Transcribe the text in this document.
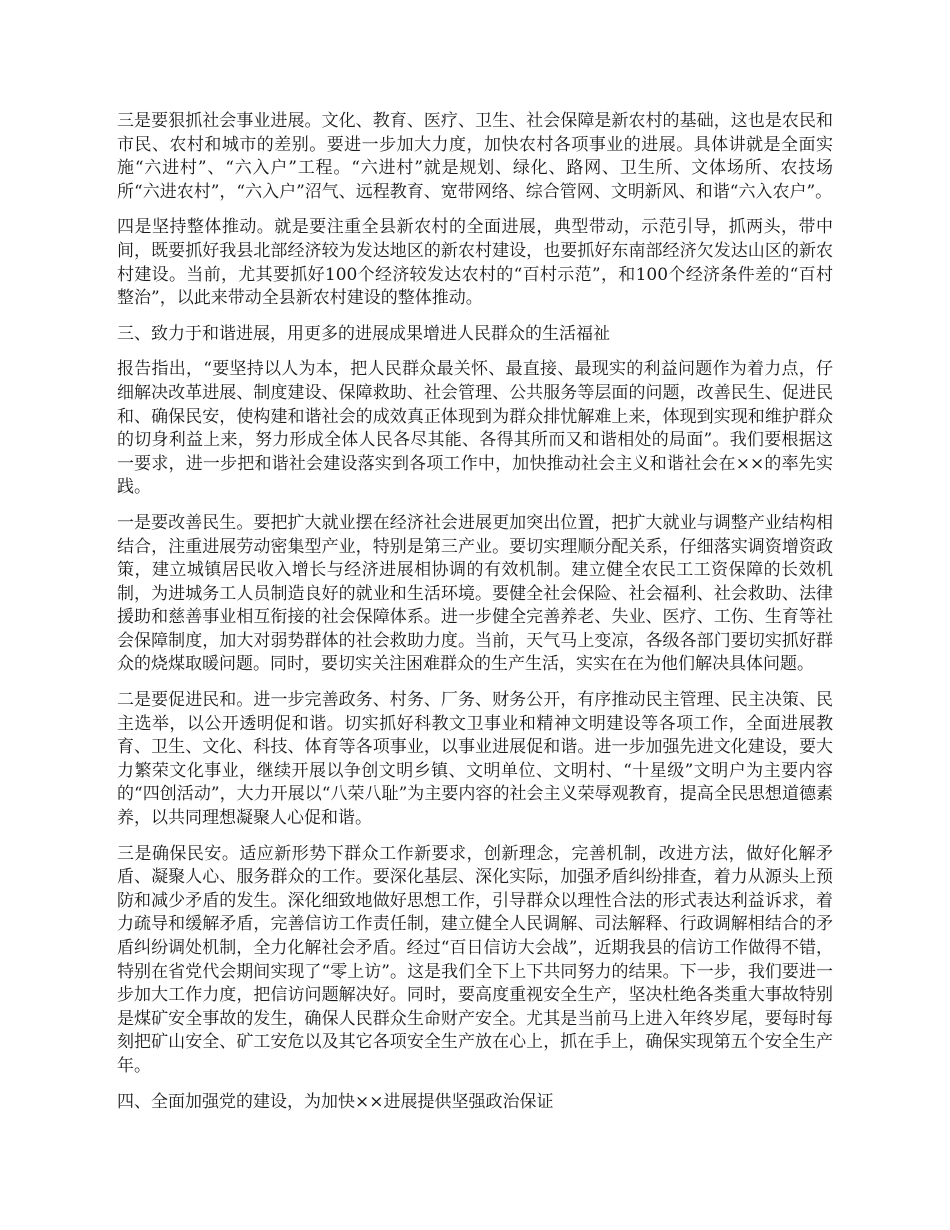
三是要狠抓社会事业进展。文化、教育、医疗、卫生、社会保障是新农村的基础，这也是农民和市民、农村和城市的差别。要进一步加大力度，加快农村各项事业的进展。具体讲就是全面实施“六进村”、“六入户”工程。“六进村”就是规划、绿化、路网、卫生所、文体场所、农技场所“六进农村”，“六入户”沼气、远程教育、宽带网络、综合管网、文明新风、和谐“六入农户”。

四是坚持整体推动。就是要注重全县新农村的全面进展，典型带动，示范引导，抓两头，带中间，既要抓好我县北部经济较为发达地区的新农村建设，也要抓好东南部经济欠发达山区的新农村建设。当前，尤其要抓好100个经济较发达农村的“百村示范”，和100个经济条件差的“百村整治”，以此来带动全县新农村建设的整体推动。

三、致力于和谐进展，用更多的进展成果增进人民群众的生活福祉

报告指出，“要坚持以人为本，把人民群众最关怀、最直接、最现实的利益问题作为着力点，仔细解决改革进展、制度建设、保障救助、社会管理、公共服务等层面的问题，改善民生、促进民和、确保民安，使构建和谐社会的成效真正体现到为群众排忧解难上来，体现到实现和维护群众的切身利益上来，努力形成全体人民各尽其能、各得其所而又和谐相处的局面”。我们要根据这一要求，进一步把和谐社会建设落实到各项工作中，加快推动社会主义和谐社会在××的率先实践。

一是要改善民生。要把扩大就业摆在经济社会进展更加突出位置，把扩大就业与调整产业结构相结合，注重进展劳动密集型产业，特别是第三产业。要切实理顺分配关系，仔细落实调资增资政策，建立城镇居民收入增长与经济进展相协调的有效机制。建立健全农民工工资保障的长效机制，为进城务工人员制造良好的就业和生活环境。要健全社会保险、社会福利、社会救助、法律援助和慈善事业相互衔接的社会保障体系。进一步健全完善养老、失业、医疗、工伤、生育等社会保障制度，加大对弱势群体的社会救助力度。当前，天气马上变凉，各级各部门要切实抓好群众的烧煤取暖问题。同时，要切实关注困难群众的生产生活，实实在在为他们解决具体问题。

二是要促进民和。进一步完善政务、村务、厂务、财务公开，有序推动民主管理、民主决策、民主选举，以公开透明促和谐。切实抓好科教文卫事业和精神文明建设等各项工作，全面进展教育、卫生、文化、科技、体育等各项事业，以事业进展促和谐。进一步加强先进文化建设，要大力繁荣文化事业，继续开展以争创文明乡镇、文明单位、文明村、“十星级”文明户为主要内容的“四创活动”，大力开展以“八荣八耻”为主要内容的社会主义荣辱观教育，提高全民思想道德素养，以共同理想凝聚人心促和谐。

三是确保民安。适应新形势下群众工作新要求，创新理念，完善机制，改进方法，做好化解矛盾、凝聚人心、服务群众的工作。要深化基层、深化实际，加强矛盾纠纷排查，着力从源头上预防和减少矛盾的发生。深化细致地做好思想工作，引导群众以理性合法的形式表达利益诉求，着力疏导和缓解矛盾，完善信访工作责任制，建立健全人民调解、司法解释、行政调解相结合的矛盾纠纷调处机制，全力化解社会矛盾。经过“百日信访大会战”，近期我县的信访工作做得不错，特别在省党代会期间实现了“零上访”。这是我们全下上下共同努力的结果。下一步，我们要进一步加大工作力度，把信访问题解决好。同时，要高度重视安全生产，坚决杜绝各类重大事故特别是煤矿安全事故的发生，确保人民群众生命财产安全。尤其是当前马上进入年终岁尾，要每时每刻把矿山安全、矿工安危以及其它各项安全生产放在心上，抓在手上，确保实现第五个安全生产年。

四、全面加强党的建设，为加快××进展提供坚强政治保证
